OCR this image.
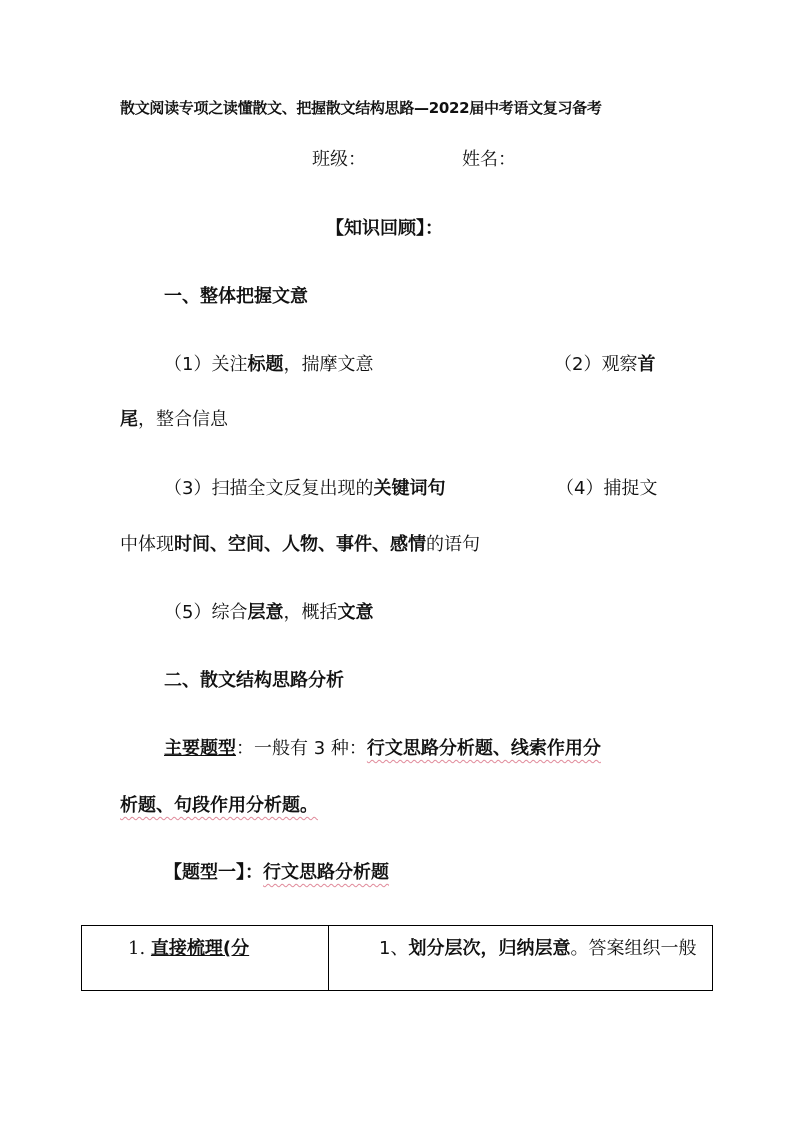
散文阅读专项之读懂散文、把握散文结构思路—2022届中考语文复习备考
班级：	姓名：
【知识回顾】：
一、整体把握文意
（1）关注标题，揣摩文意	（2）观察首
尾，整合信息
（3）扫描全文反复出现的关键词句	（4）捕捉文
中体现时间、空间、人物、事件、感情的语句
（5）综合层意，概括文意
二、散文结构思路分析
主要题型：一般有 3 种：行文思路分析题、线索作用分
析题、句段作用分析题。
【题型一】：行文思路分析题
1. 直接梳理(分	1、划分层次，归纳层意。答案组织一般
